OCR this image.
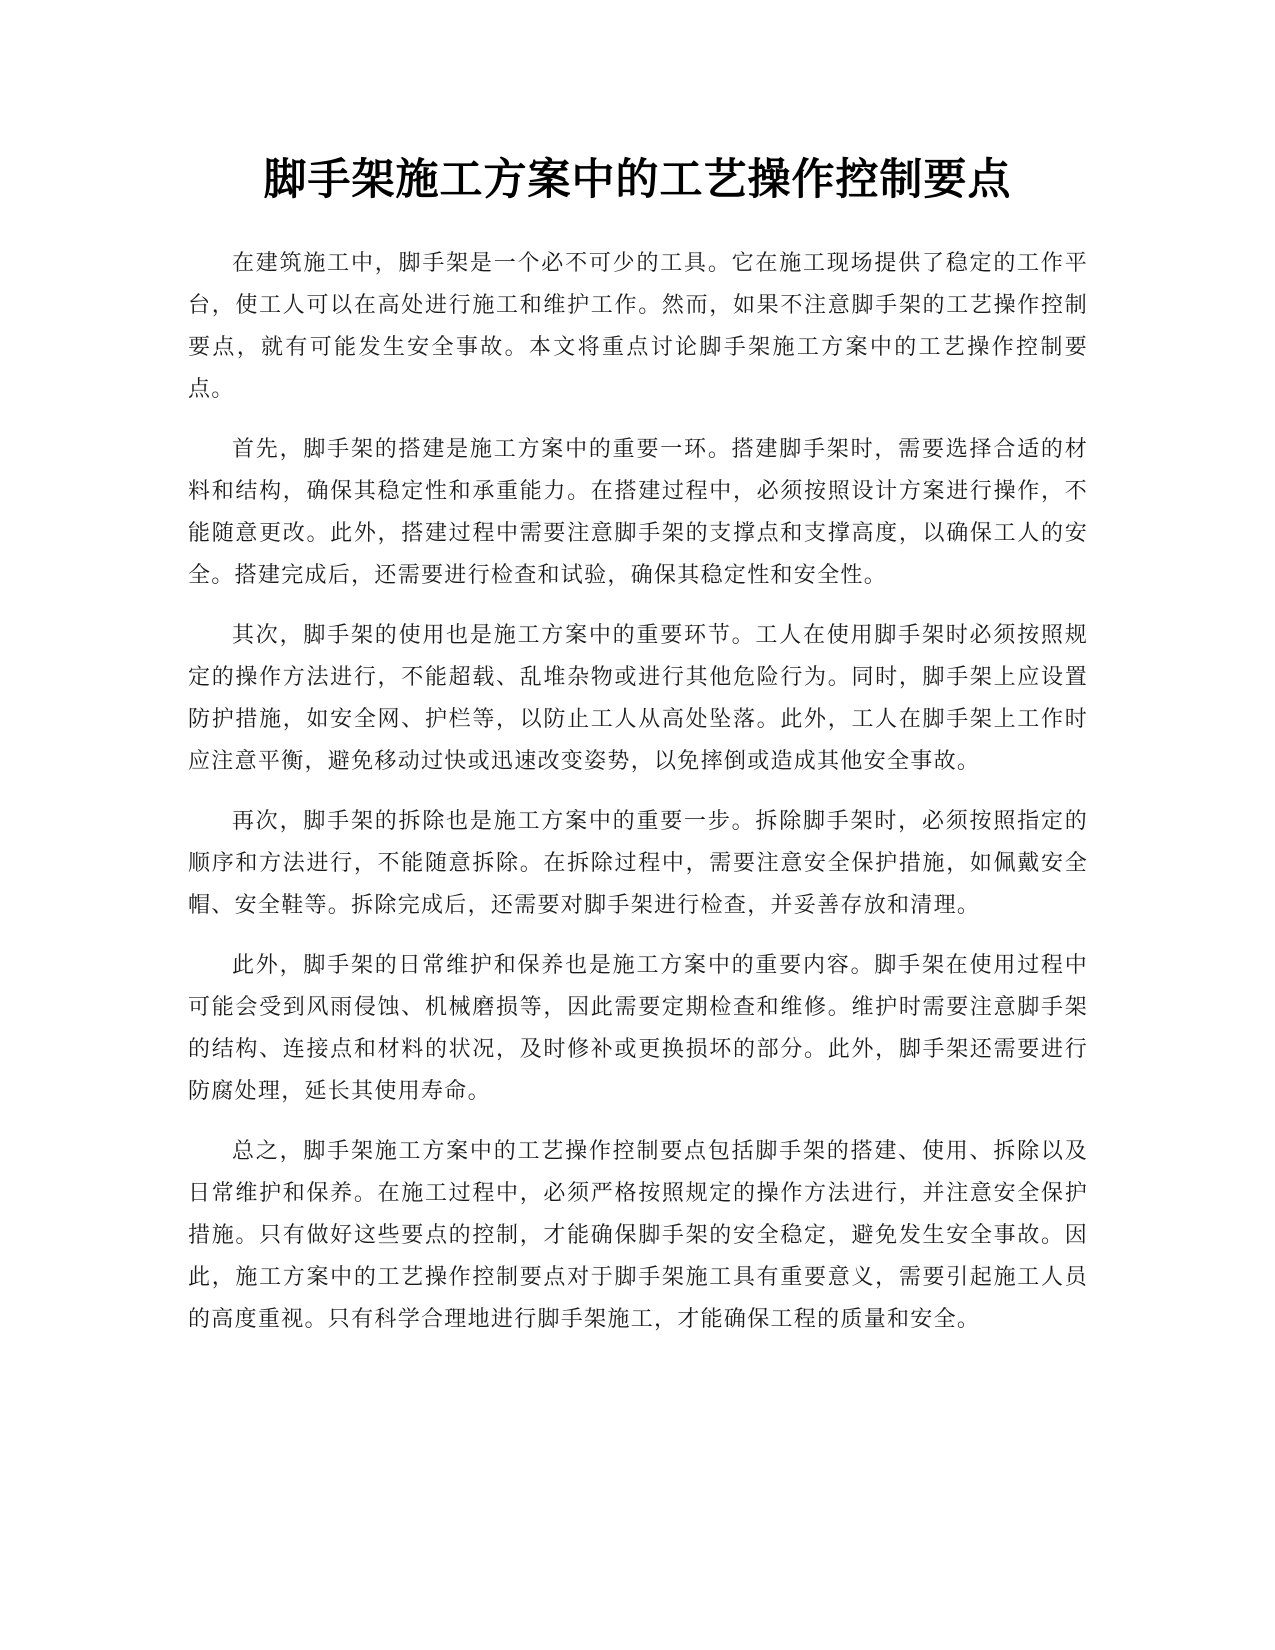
脚手架施工方案中的工艺操作控制要点

在建筑施工中，脚手架是一个必不可少的工具。它在施工现场提供了稳定的工作平台，使工人可以在高处进行施工和维护工作。然而，如果不注意脚手架的工艺操作控制要点，就有可能发生安全事故。本文将重点讨论脚手架施工方案中的工艺操作控制要点。

首先，脚手架的搭建是施工方案中的重要一环。搭建脚手架时，需要选择合适的材料和结构，确保其稳定性和承重能力。在搭建过程中，必须按照设计方案进行操作，不能随意更改。此外，搭建过程中需要注意脚手架的支撑点和支撑高度，以确保工人的安全。搭建完成后，还需要进行检查和试验，确保其稳定性和安全性。

其次，脚手架的使用也是施工方案中的重要环节。工人在使用脚手架时必须按照规定的操作方法进行，不能超载、乱堆杂物或进行其他危险行为。同时，脚手架上应设置防护措施，如安全网、护栏等，以防止工人从高处坠落。此外，工人在脚手架上工作时应注意平衡，避免移动过快或迅速改变姿势，以免摔倒或造成其他安全事故。

再次，脚手架的拆除也是施工方案中的重要一步。拆除脚手架时，必须按照指定的顺序和方法进行，不能随意拆除。在拆除过程中，需要注意安全保护措施，如佩戴安全帽、安全鞋等。拆除完成后，还需要对脚手架进行检查，并妥善存放和清理。

此外，脚手架的日常维护和保养也是施工方案中的重要内容。脚手架在使用过程中可能会受到风雨侵蚀、机械磨损等，因此需要定期检查和维修。维护时需要注意脚手架的结构、连接点和材料的状况，及时修补或更换损坏的部分。此外，脚手架还需要进行防腐处理，延长其使用寿命。

总之，脚手架施工方案中的工艺操作控制要点包括脚手架的搭建、使用、拆除以及日常维护和保养。在施工过程中，必须严格按照规定的操作方法进行，并注意安全保护措施。只有做好这些要点的控制，才能确保脚手架的安全稳定，避免发生安全事故。因此，施工方案中的工艺操作控制要点对于脚手架施工具有重要意义，需要引起施工人员的高度重视。只有科学合理地进行脚手架施工，才能确保工程的质量和安全。
